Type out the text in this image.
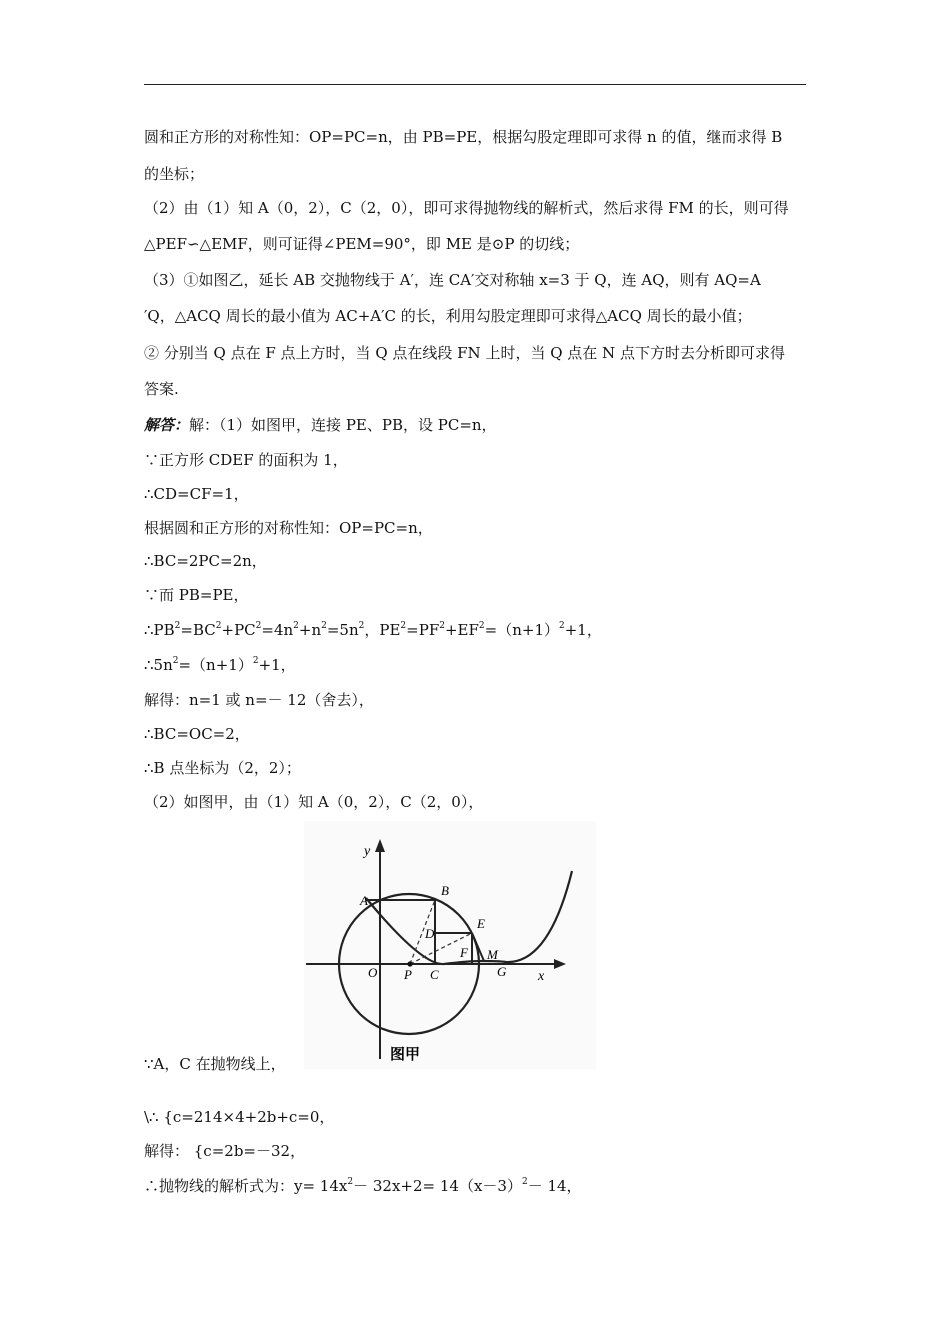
圆和正方形的对称性知：OP=PC=n，由 PB=PE，根据勾股定理即可求得 n 的值，继而求得 B
的坐标；
（2）由（1）知 A（0，2），C（2，0），即可求得抛物线的解析式，然后求得 FM 的长，则可得
△PEF∽△EMF，则可证得∠PEM=90°，即 ME 是⊙P 的切线；
（3）①如图乙，延长 AB 交抛物线于 A′，连 CA′交对称轴 x=3 于 Q，连 AQ，则有 AQ=A
′Q，△ACQ 周长的最小值为 AC+A′C 的长，利用勾股定理即可求得△ACQ 周长的最小值；
② 分别当 Q 点在 F 点上方时，当 Q 点在线段 FN 上时，当 Q 点在 N 点下方时去分析即可求得
答案.
解答：解：（1）如图甲，连接 PE、PB，设 PC=n，
∵正方形 CDEF 的面积为 1，
∴CD=CF=1，
根据圆和正方形的对称性知：OP=PC=n，
∴BC=2PC=2n，
∵而 PB=PE，
$\therefore PB^2=BC^2+PC^2=4n^2+n^2=5n^2$，$PE^2=PF^2+EF^2=(n+1)^2+1$，
$\therefore 5n^2=(n+1)^2+1$，
解得：n=1 或 n=－ 12（舍去），
∴BC=OC=2，
∴B 点坐标为（2，2）；
（2）如图甲，由（1）知 A（0，2），C（2，0），
y
x
A
B
D
E
F M
O P C	G
图甲
∵A，C 在抛物线上，
\∴ {c=214×4+2b+c=0，
解得： {c=2b=－32，
∴抛物线的解析式为：$y= 14x^2- 32x+2= 14(x-3)^2- 14$，
